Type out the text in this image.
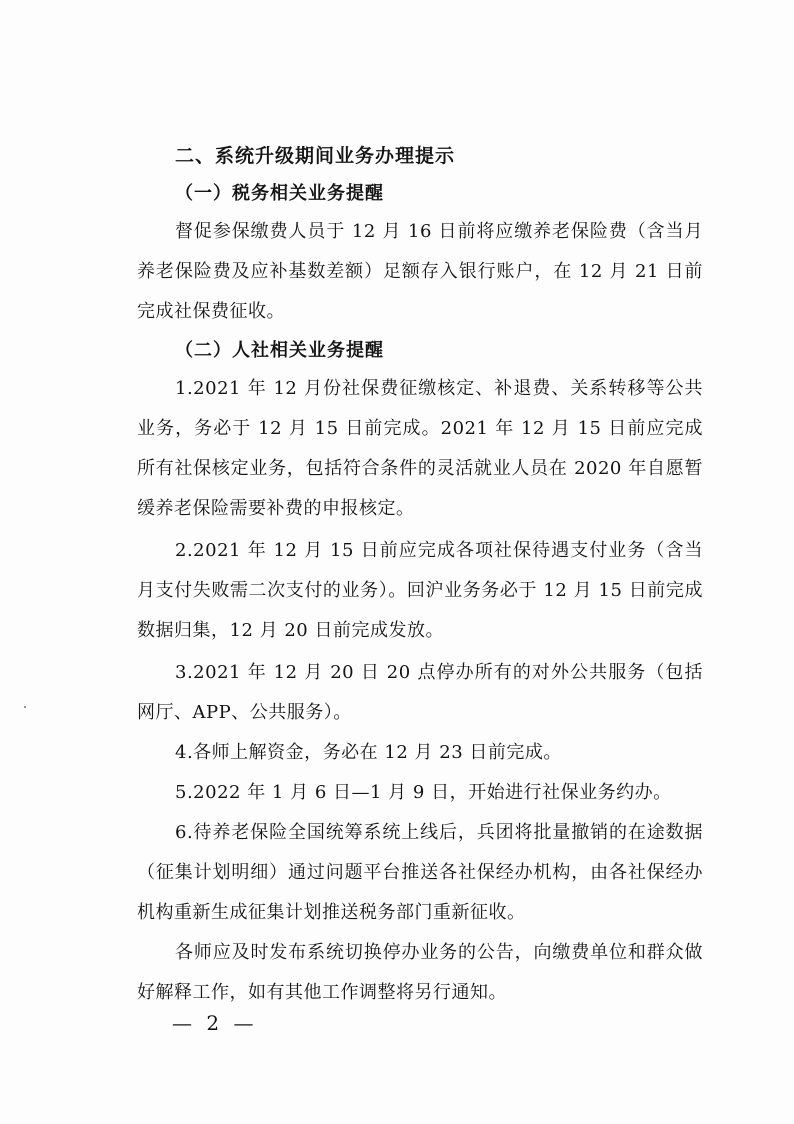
二、系统升级期间业务办理提示
（一）税务相关业务提醒

督促参保缴费人员于 12 月 16 日前将应缴养老保险费（含当月养老保险费及应补基数差额）足额存入银行账户，在 12 月 21 日前完成社保费征收。

（二）人社相关业务提醒

1.2021 年 12 月份社保费征缴核定、补退费、关系转移等公共业务，务必于 12 月 15 日前完成。2021 年 12 月 15 日前应完成所有社保核定业务，包括符合条件的灵活就业人员在 2020 年自愿暂缓养老保险需要补费的申报核定。

2.2021 年 12 月 15 日前应完成各项社保待遇支付业务（含当月支付失败需二次支付的业务）。回沪业务务必于 12 月 15 日前完成数据归集，12 月 20 日前完成发放。

3.2021 年 12 月 20 日 20 点停办所有的对外公共服务（包括网厅、APP、公共服务）。

4.各师上解资金，务必在 12 月 23 日前完成。

5.2022 年 1 月 6 日—1 月 9 日，开始进行社保业务约办。

6.待养老保险全国统筹系统上线后，兵团将批量撤销的在途数据（征集计划明细）通过问题平台推送各社保经办机构，由各社保经办机构重新生成征集计划推送税务部门重新征收。

各师应及时发布系统切换停办业务的公告，向缴费单位和群众做好解释工作，如有其他工作调整将另行通知。

— 2 —
